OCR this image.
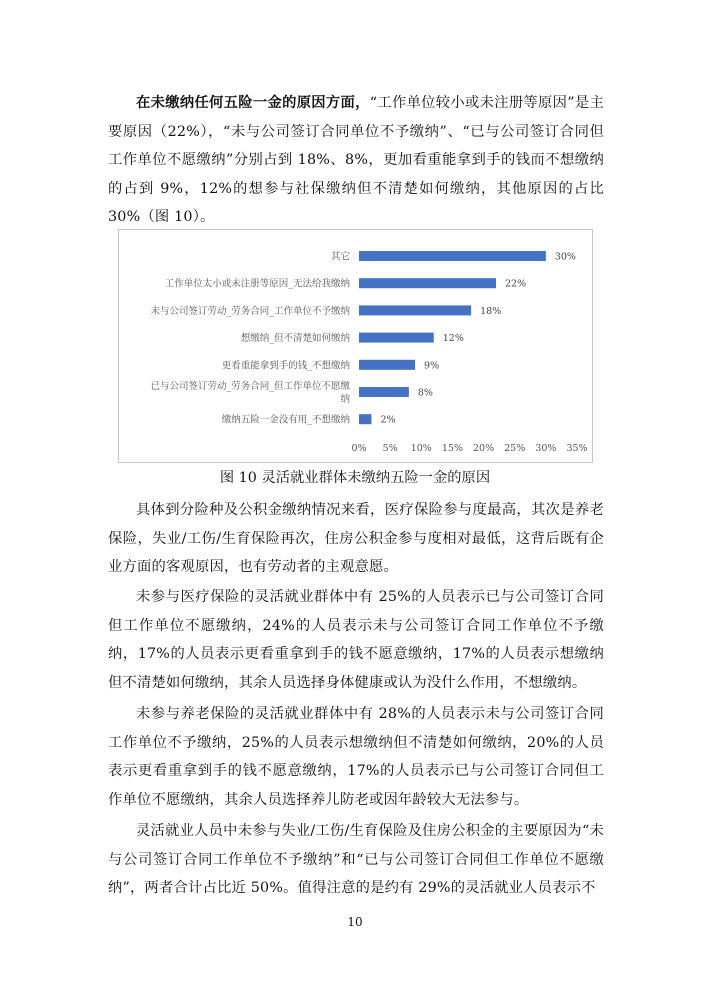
在未缴纳任何五险一金的原因方面，“工作单位较小或未注册等原因”是主要原因（22%），“未与公司签订合同单位不予缴纳”、“已与公司签订合同但工作单位不愿缴纳”分别占到 18%、8%，更加看重能拿到手的钱而不想缴纳的占到 9%，12%的想参与社保缴纳但不清楚如何缴纳，其他原因的占比 30%（图 10）。

其它	30%
工作单位太小或未注册等原因_无法给我缴纳	22%
未与公司签订劳动_劳务合同_工作单位不予缴纳	18%
想缴纳_但不清楚如何缴纳	12%
更看重能拿到手的钱_不想缴纳	9%
已与公司签订劳动_劳务合同_但工作单位不愿缴纳
8%
缴纳五险一金没有用_不想缴纳	2%
0% 5% 10% 15% 20% 25% 30% 35%
图 10 灵活就业群体未缴纳五险一金的原因

具体到分险种及公积金缴纳情况来看，医疗保险参与度最高，其次是养老保险，失业/工伤/生育保险再次，住房公积金参与度相对最低，这背后既有企业方面的客观原因，也有劳动者的主观意愿。

未参与医疗保险的灵活就业群体中有 25%的人员表示已与公司签订合同但工作单位不愿缴纳，24%的人员表示未与公司签订合同工作单位不予缴纳，17%的人员表示更看重拿到手的钱不愿意缴纳，17%的人员表示想缴纳但不清楚如何缴纳，其余人员选择身体健康或认为没什么作用，不想缴纳。

未参与养老保险的灵活就业群体中有 28%的人员表示未与公司签订合同工作单位不予缴纳，25%的人员表示想缴纳但不清楚如何缴纳，20%的人员表示更看重拿到手的钱不愿意缴纳，17%的人员表示已与公司签订合同但工作单位不愿缴纳，其余人员选择养儿防老或因年龄较大无法参与。

灵活就业人员中未参与失业/工伤/生育保险及住房公积金的主要原因为“未与公司签订合同工作单位不予缴纳”和“已与公司签订合同但工作单位不愿缴纳”，两者合计占比近 50%。值得注意的是约有 29%的灵活就业人员表示不

10
